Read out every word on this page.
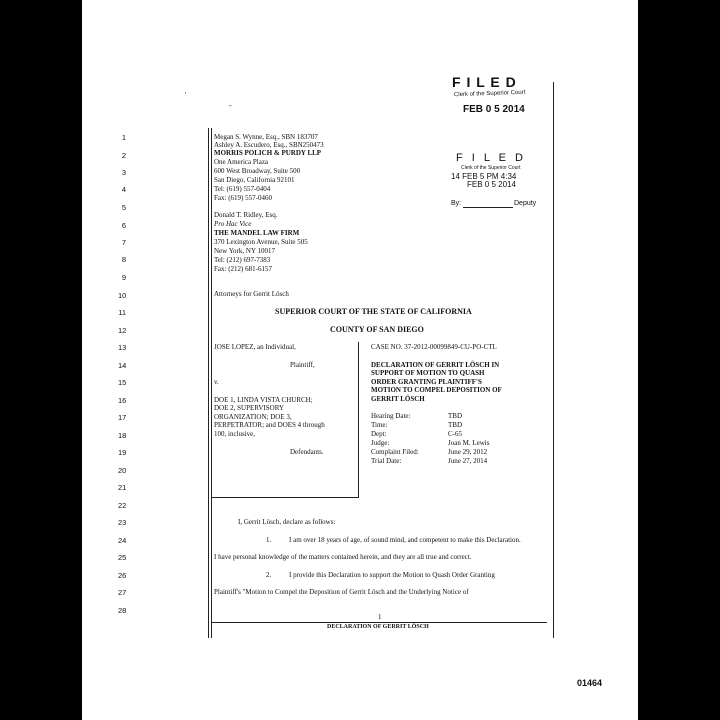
·
-
F I L E D
Clerk of the Superior Court
FEB 0 5 2014
F I L E D
Clerk of the Superior Court
14 FEB 5 PM 4:34
FEB 0 5 2014
By:	Deputy
1
2
3
4
5
6
7
8
9
10
11
12
13
14
15
16
17
18
19
20
21
22
23
24
25
26
27
28
Megan S. Wynne, Esq., SBN 183707
Ashley A. Escudero, Esq., SBN250473
MORRIS POLICH & PURDY LLP
One America Plaza
600 West Broadway, Suite 500
San Diego, California 92101
Tel: (619) 557-0404
Fax: (619) 557-0460
Donald T. Ridley, Esq.
Pro Hac Vice
THE MANDEL LAW FIRM
370 Lexington Avenue, Suite 505
New York, NY 10017
Tel: (212) 697-7383
Fax: (212) 681-6157
Attorneys for Gerrit Lösch
SUPERIOR COURT OF THE STATE OF CALIFORNIA
COUNTY OF SAN DIEGO
JOSE LOPEZ, an Individual,
Plaintiff,
v.
DOE 1, LINDA VISTA CHURCH;
DOE 2, SUPERVISORY
ORGANIZATION; DOE 3,
PERPETRATOR; and DOES 4 through
100, inclusive,
Defendants.
CASE NO. 37-2012-00099849-CU-PO-CTL
DECLARATION OF GERRIT LÖSCH IN
SUPPORT OF MOTION TO QUASH
ORDER GRANTING PLAINTIFF'S
MOTION TO COMPEL DEPOSITION OF
GERRIT LÖSCH
Hearing Date:	TBD
Time:	TBD
Dept:	C-65
Judge:	Joan M. Lewis
Complaint Filed:	June 29, 2012
Trial Date:	June 27, 2014
I, Gerrit Lösch, declare as follows:
1.	I am over 18 years of age, of sound mind, and competent to make this Declaration.
I have personal knowledge of the matters contained herein, and they are all true and correct.
2.	I provide this Declaration to support the Motion to Quash Order Granting
Plaintiff's "Motion to Compel the Deposition of Gerrit Lösch and the Underlying Notice of
1
DECLARATION OF GERRIT LÖSCH
01464
